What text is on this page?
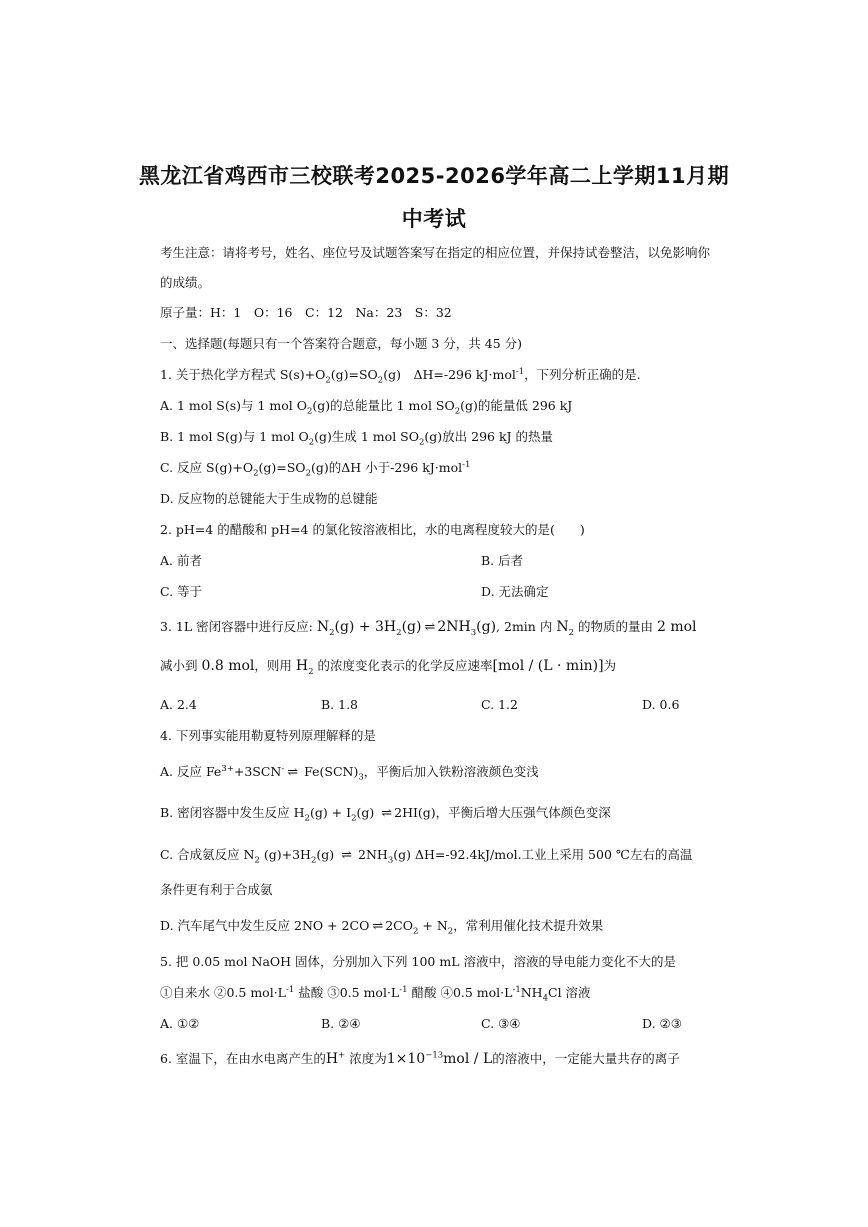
黑龙江省鸡西市三校联考2025-2026学年高二上学期11月期
中考试
考生注意：请将考号，姓名、座位号及试题答案写在指定的相应位置，并保持试卷整洁，以免影响你的成绩。
原子量：H：1　O：16　C：12　Na：23　S：32
一、选择题(每题只有一个答案符合题意，每小题 3 分，共 45 分)
1. 关于热化学方程式 $S(s)+O_2(g)=SO_2(g)$　ΔH=-296 kJ·mol$^{-1}$，下列分析正确的是.
A. 1 mol S(s)与 1 mol $O_2(g)$的总能量比 1 mol $SO_2(g)$的能量低 296 kJ
B. 1 mol S(g)与 1 mol $O_2(g)$生成 1 mol $SO_2(g)$放出 296 kJ 的热量
C. 反应 $S(g)+O_2(g)=SO_2(g)$的ΔH 小于-296 kJ·mol$^{-1}$
D. 反应物的总键能大于生成物的总键能
2. pH=4 的醋酸和 pH=4 的氯化铵溶液相比，水的电离程度较大的是(　　)
A. 前者	B. 后者
C. 等于	D. 无法确定
3. 1L 密闭容器中进行反应: $N_2(g) + 3H_2(g)$ ⇌ $2NH_3(g)$, 2min 内 $N_2$ 的物质的量由 2 mol
减小到 0.8 mol，则用 $H_2$ 的浓度变化表示的化学反应速率[mol / (L · min)]为
A. 2.4	B. 1.8	C. 1.2	D. 0.6
4. 下列事实能用勒夏特列原理解释的是
A. 反应 $Fe^{3+}+3SCN^-$ ⇌ $Fe(SCN)_3$，平衡后加入铁粉溶液颜色变浅
B. 密闭容器中发生反应 $H_2(g) + I_2(g)$ ⇌ 2HI(g)，平衡后增大压强气体颜色变深
C. 合成氨反应 $N_2$ $(g)+3H_2(g)$ ⇌ $2NH_3(g)$ ΔH=-92.4kJ/mol.工业上采用 500 ℃左右的高温
条件更有利于合成氨
D. 汽车尾气中发生反应 2NO + 2CO ⇌ $2CO_2 + N_2$，常利用催化技术提升效果
5. 把 0.05 mol NaOH 固体，分别加入下列 100 mL 溶液中，溶液的导电能力变化不大的是
①自来水 ②0.5 $mol\cdot L^{-1}$ 盐酸 ③0.5 $mol\cdot L^{-1}$ 醋酸 ④0.5 $mol\cdot L^{-1}NH_4Cl$ 溶液
A. ①②	B. ②④	C. ③④	D. ②③
6. 室温下，在由水电离产生的H+ 浓度为$1\times 10^{-13}mol / L$的溶液中，一定能大量共存的离子
